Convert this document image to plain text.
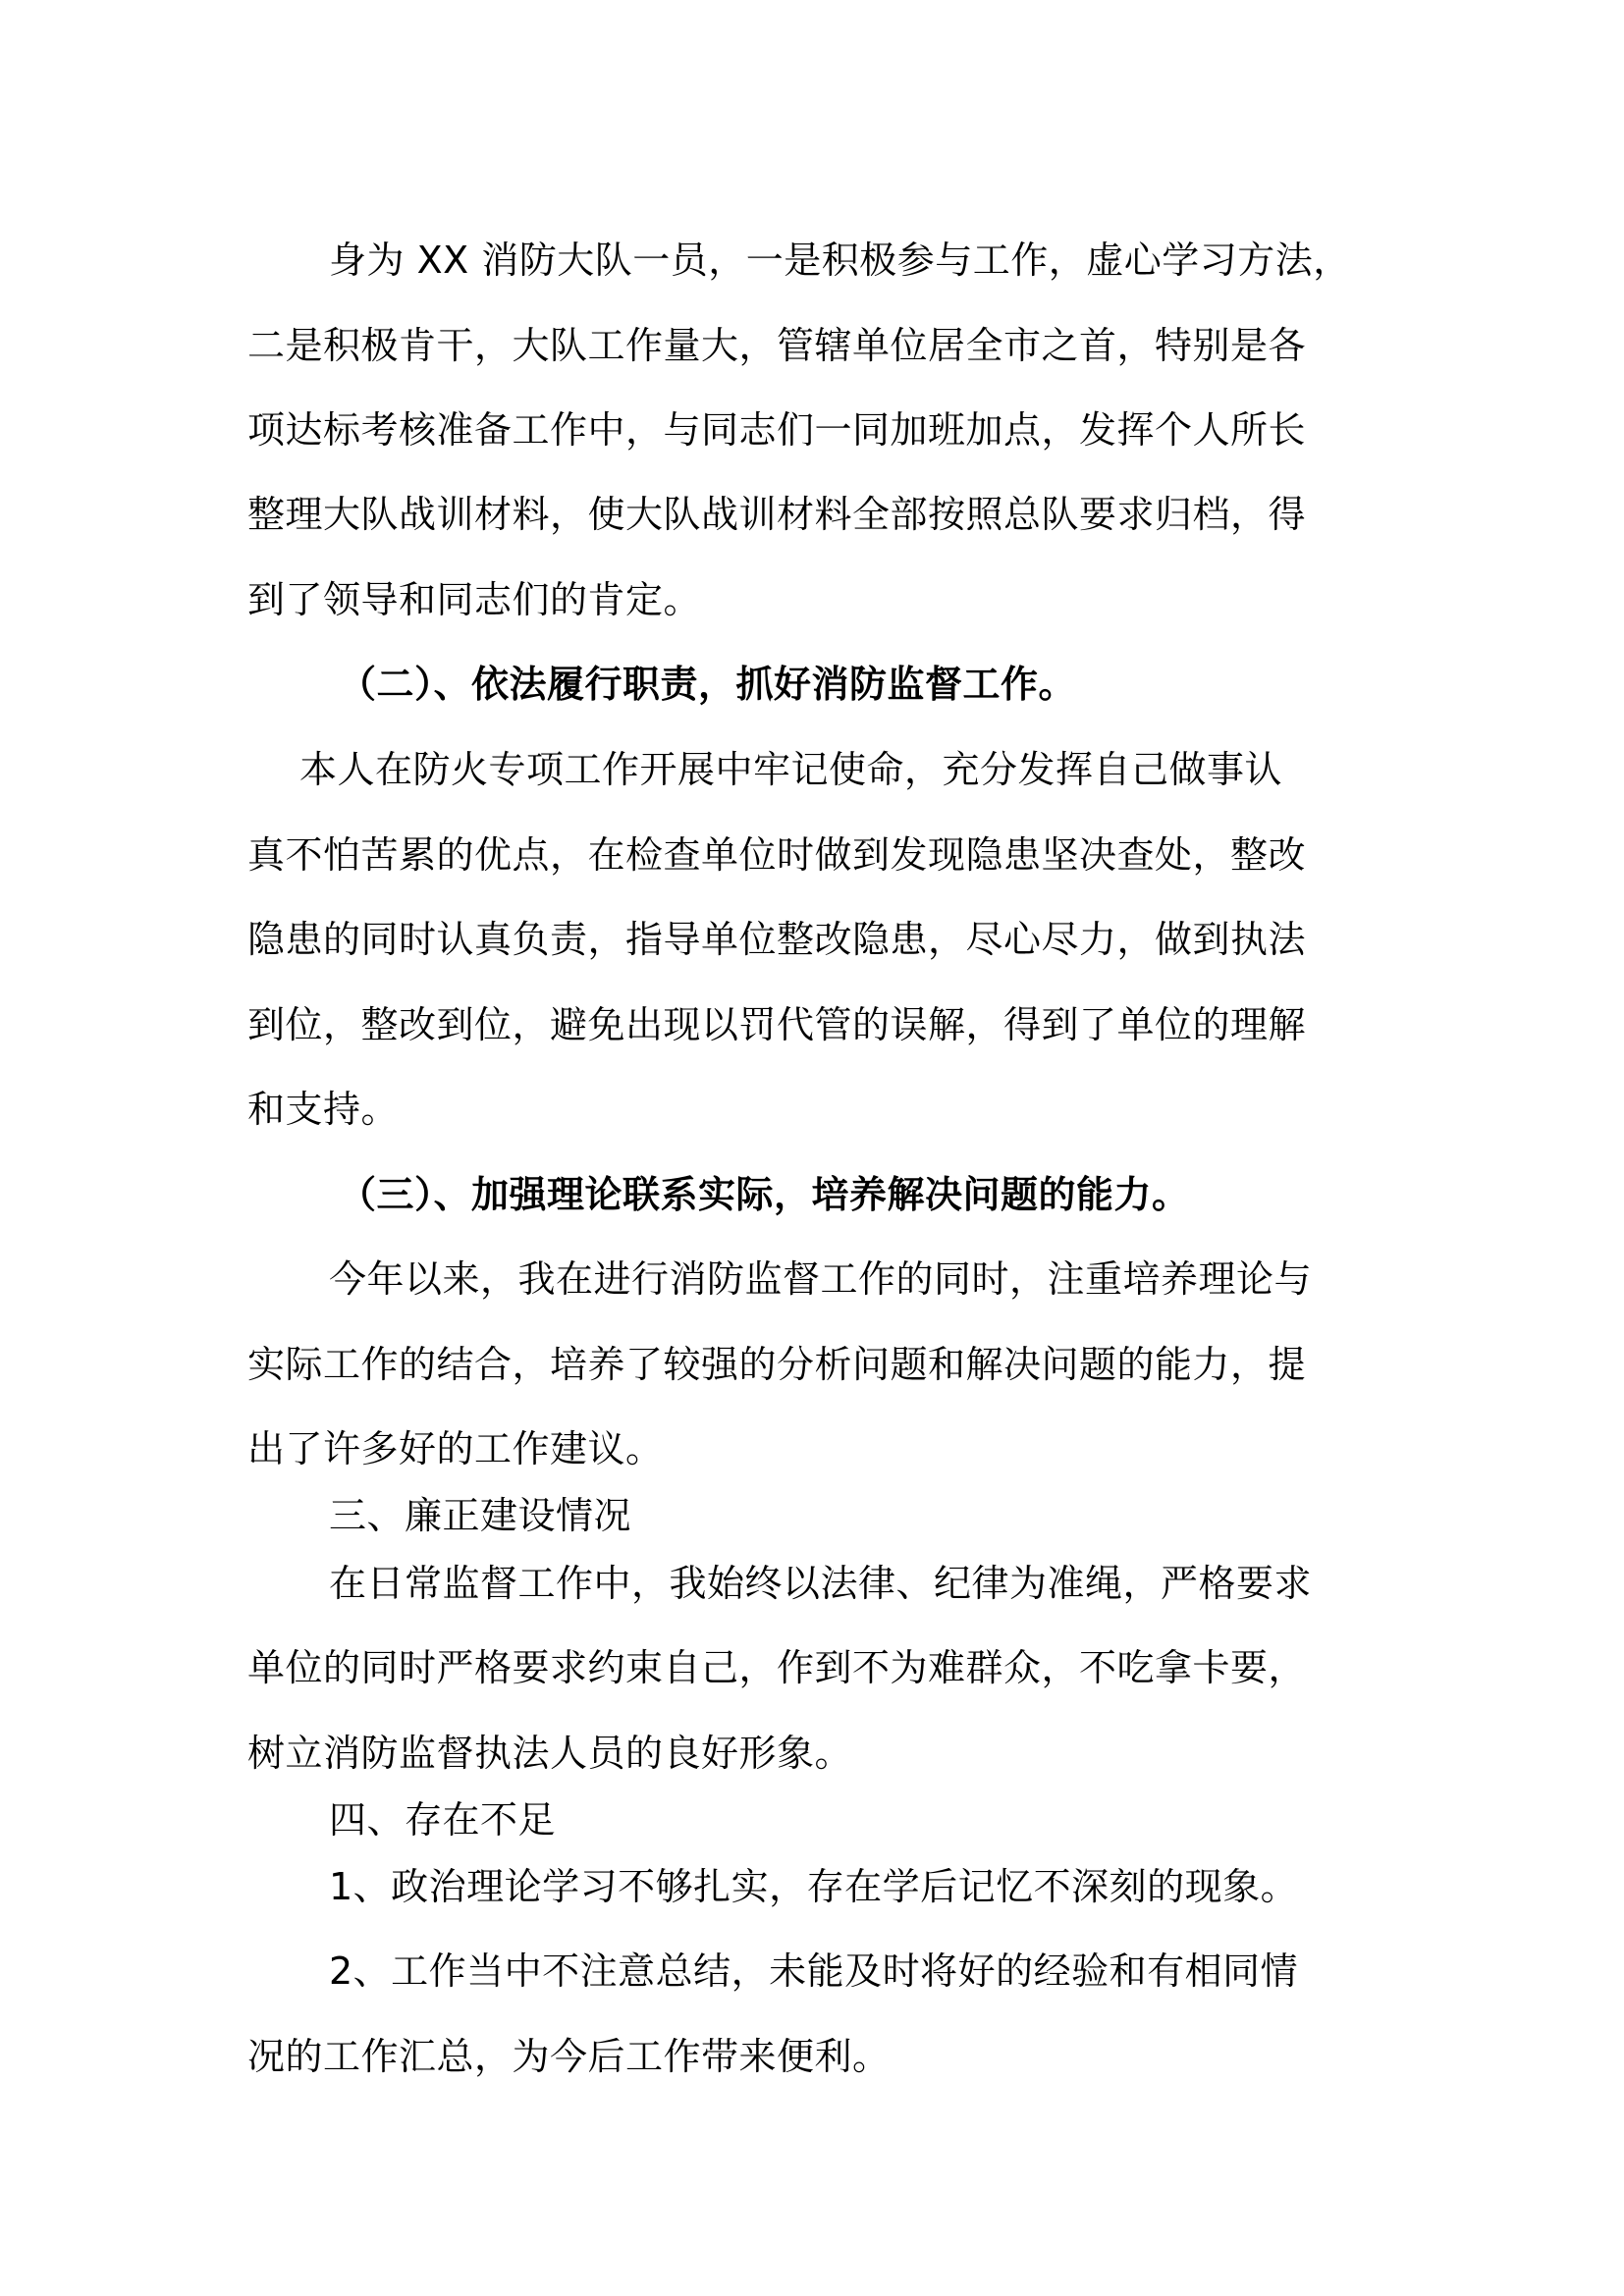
身为 XX 消防大队一员，一是积极参与工作，虚心学习方法，
二是积极肯干，大队工作量大，管辖单位居全市之首，特别是各
项达标考核准备工作中，与同志们一同加班加点，发挥个人所长
整理大队战训材料，使大队战训材料全部按照总队要求归档，得
到了领导和同志们的肯定。
（二）、依法履行职责，抓好消防监督工作。
本人在防火专项工作开展中牢记使命，充分发挥自己做事认
真不怕苦累的优点，在检查单位时做到发现隐患坚决查处，整改
隐患的同时认真负责，指导单位整改隐患，尽心尽力，做到执法
到位，整改到位，避免出现以罚代管的误解，得到了单位的理解
和支持。
（三）、加强理论联系实际，培养解决问题的能力。
今年以来，我在进行消防监督工作的同时，注重培养理论与
实际工作的结合，培养了较强的分析问题和解决问题的能力，提
出了许多好的工作建议。
三、廉正建设情况
在日常监督工作中，我始终以法律、纪律为准绳，严格要求
单位的同时严格要求约束自己，作到不为难群众，不吃拿卡要，
树立消防监督执法人员的良好形象。
四、存在不足
1、政治理论学习不够扎实，存在学后记忆不深刻的现象。
2、工作当中不注意总结，未能及时将好的经验和有相同情
况的工作汇总，为今后工作带来便利。
